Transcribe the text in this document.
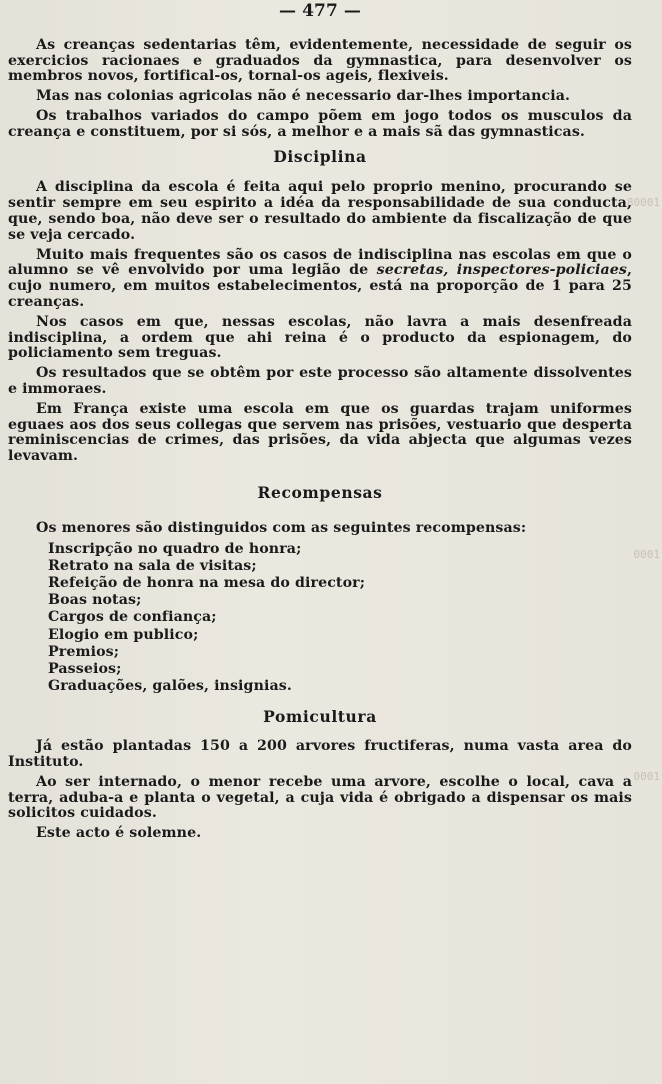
80001
0001
0001
— 477 —

As creanças sedentarias têm, evidentemente, necessidade de seguir os exercicios racionaes e graduados da gymnastica, para desenvolver os membros novos, fortifical-os, tornal-os ageis, flexiveis.

Mas nas colonias agricolas não é necessario dar-lhes importancia.

Os trabalhos variados do campo põem em jogo todos os musculos da creança e constituem, por si sós, a melhor e a mais sã das gymnasticas.

Disciplina

A disciplina da escola é feita aqui pelo proprio menino, procurando se sentir sempre em seu espirito a idéa da responsabilidade de sua conducta, que, sendo boa, não deve ser o resultado do ambiente da fiscalização de que se veja cercado.

Muito mais frequentes são os casos de indisciplina nas escolas em que o alumno se vê envolvido por uma legião de secretas, inspectores-policiaes, cujo numero, em muitos estabelecimentos, está na proporção de 1 para 25 creanças.

Nos casos em que, nessas escolas, não lavra a mais desenfreada indisciplina, a ordem que ahi reina é o producto da espionagem, do policiamento sem treguas.

Os resultados que se obtêm por este processo são altamente dissolventes e immoraes.

Em França existe uma escola em que os guardas trajam uniformes eguaes aos dos seus collegas que servem nas prisões, vestuario que desperta reminiscencias de crimes, das prisões, da vida abjecta que algumas vezes levavam.

Recompensas

Os menores são distinguidos com as seguintes recompensas:

Inscripção no quadro de honra;
Retrato na sala de visitas;
Refeição de honra na mesa do director;
Boas notas;
Cargos de confiança;
Elogio em publico;
Premios;
Passeios;
Graduações, galões, insignias.
Pomicultura

Já estão plantadas 150 a 200 arvores fructiferas, numa vasta area do Instituto.

Ao ser internado, o menor recebe uma arvore, escolhe o local, cava a terra, aduba-a e planta o vegetal, a cuja vida é obrigado a dispensar os mais solicitos cuidados.

Este acto é solemne.
